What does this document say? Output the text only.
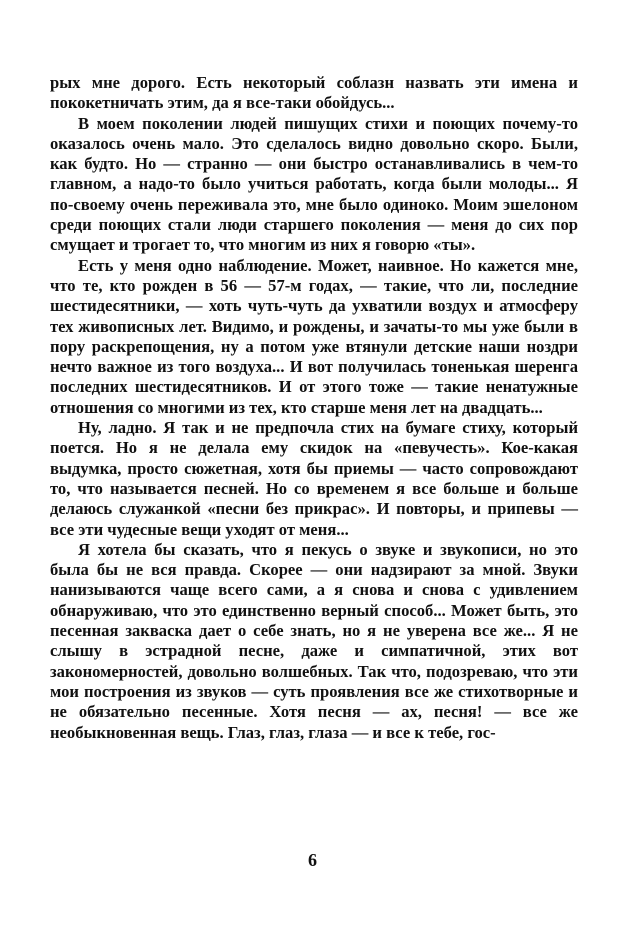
рых мне дорого. Есть некоторый соблазн назвать эти имена и пококетничать этим, да я все-таки обойдусь...

В моем поколении людей пишущих стихи и поющих почему-то оказалось очень мало. Это сделалось видно довольно скоро. Были, как будто. Но — странно — они быстро останавливались в чем-то главном, а надо-то было учиться работать, когда были молоды... Я по-своему очень переживала это, мне было одиноко. Моим эшелоном среди поющих стали люди старшего поколения — меня до сих пор смущает и трогает то, что многим из них я говорю «ты».

Есть у меня одно наблюдение. Может, наивное. Но кажется мне, что те, кто рожден в 56 — 57-м годах, — такие, что ли, последние шестидесятники, — хоть чуть-чуть да ухватили воздух и атмосферу тех живописных лет. Видимо, и рождены, и зачаты-то мы уже были в пору раскрепощения, ну а потом уже втянули детские наши ноздри нечто важное из того воздуха... И вот получилась тоненькая шеренга последних шестидесятников. И от этого тоже — такие ненатужные отношения со многими из тех, кто старше меня лет на двадцать...

Ну, ладно. Я так и не предпочла стих на бумаге стиху, который поется. Но я не делала ему скидок на «певучесть». Кое-какая выдумка, просто сюжетная, хотя бы приемы — часто сопровождают то, что называется песней. Но со временем я все больше и больше делаюсь служанкой «песни без прикрас». И повторы, и припевы — все эти чудесные вещи уходят от меня...

Я хотела бы сказать, что я пекусь о звуке и звукописи, но это была бы не вся правда. Скорее — они надзирают за мной. Звуки нанизываются чаще всего сами, а я снова и снова с удивлением обнаруживаю, что это единственно верный способ... Может быть, это песенная закваска дает о себе знать, но я не уверена все же... Я не слышу в эстрадной песне, даже и симпатичной, этих вот закономерностей, довольно волшебных. Так что, подозреваю, что эти мои построения из звуков — суть проявления все же стихотворные и не обязательно песенные. Хотя песня — ах, песня! — все же необыкновенная вещь. Глаз, глаз, глаза — и все к тебе, гос-

6
